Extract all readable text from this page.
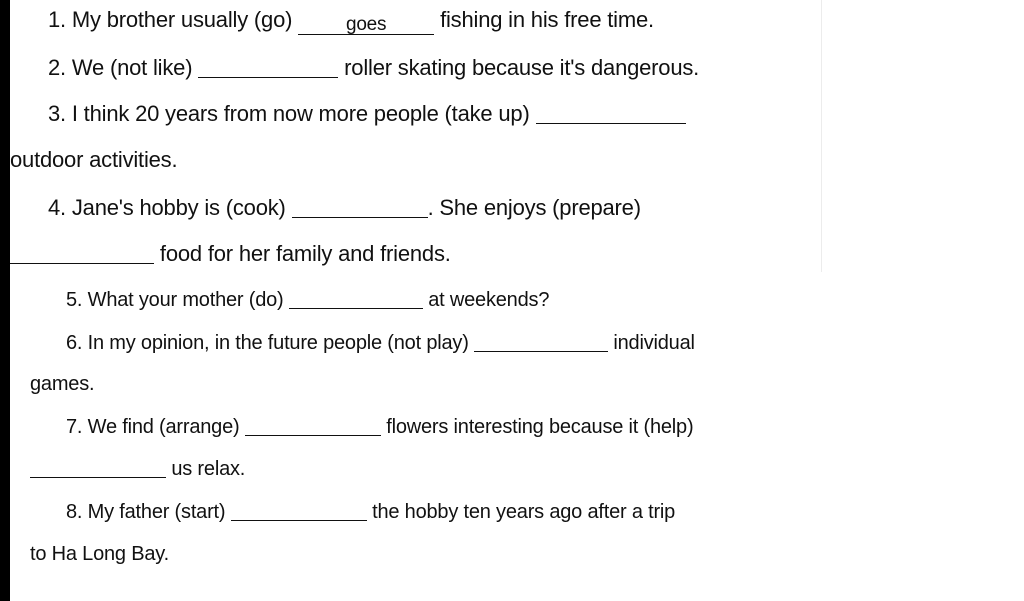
1. My brother usually (go)	goes fishing in his free time.
2. We (not like)	roller skating because it's dangerous.
3. I think 20 years from now more people (take up)
outdoor activities.
4. Jane's hobby is (cook)	. She enjoys (prepare)
food for her family and friends.
5. What your mother (do)	at weekends?
6. In my opinion, in the future people (not play)	individual
games.
7. We find (arrange)	flowers interesting because it (help)
us relax.
8. My father (start)	the hobby ten years ago after a trip
to Ha Long Bay.
